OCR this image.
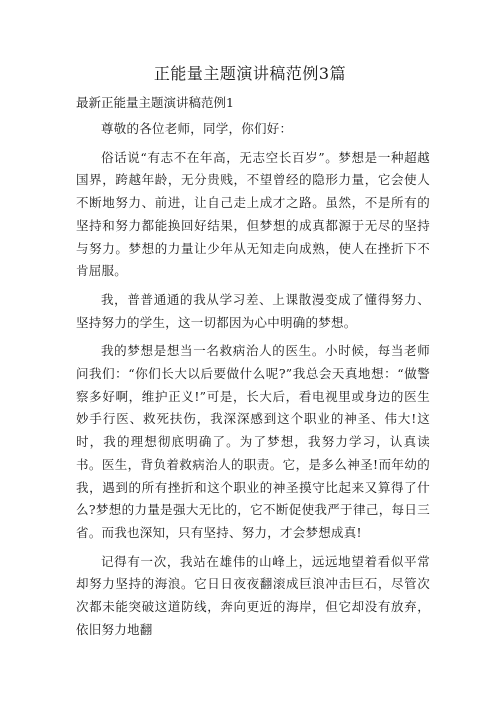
正能量主题演讲稿范例3篇
最新正能量主题演讲稿范例1

尊敬的各位老师，同学，你们好：

俗话说“有志不在年高，无志空长百岁”。梦想是一种超越国界，跨越年龄，无分贵贱，不望曾经的隐形力量，它会使人不断地努力、前进，让自己走上成才之路。虽然，不是所有的坚持和努力都能换回好结果，但梦想的成真都源于无尽的坚持与努力。梦想的力量让少年从无知走向成熟，使人在挫折下不肯屈服。

我，普普通通的我从学习差、上课散漫变成了懂得努力、坚持努力的学生，这一切都因为心中明确的梦想。

我的梦想是想当一名救病治人的医生。小时候，每当老师问我们：“你们长大以后要做什么呢?”我总会天真地想：“做警察多好啊，维护正义!”可是，长大后，看电视里或身边的医生妙手行医、救死扶伤，我深深感到这个职业的神圣、伟大!这时，我的理想彻底明确了。为了梦想，我努力学习，认真读书。医生，背负着救病治人的职责。它，是多么神圣!而年幼的我，遇到的所有挫折和这个职业的神圣摸守比起来又算得了什么?梦想的力量是强大无比的，它不断促使我严于律己，每日三省。而我也深知，只有坚持、努力，才会梦想成真!

记得有一次，我站在雄伟的山峰上，远远地望着看似平常却努力坚持的海浪。它日日夜夜翻滚成巨浪冲击巨石，尽管次次都未能突破这道防线，奔向更近的海岸，但它却没有放弃，依旧努力地翻
